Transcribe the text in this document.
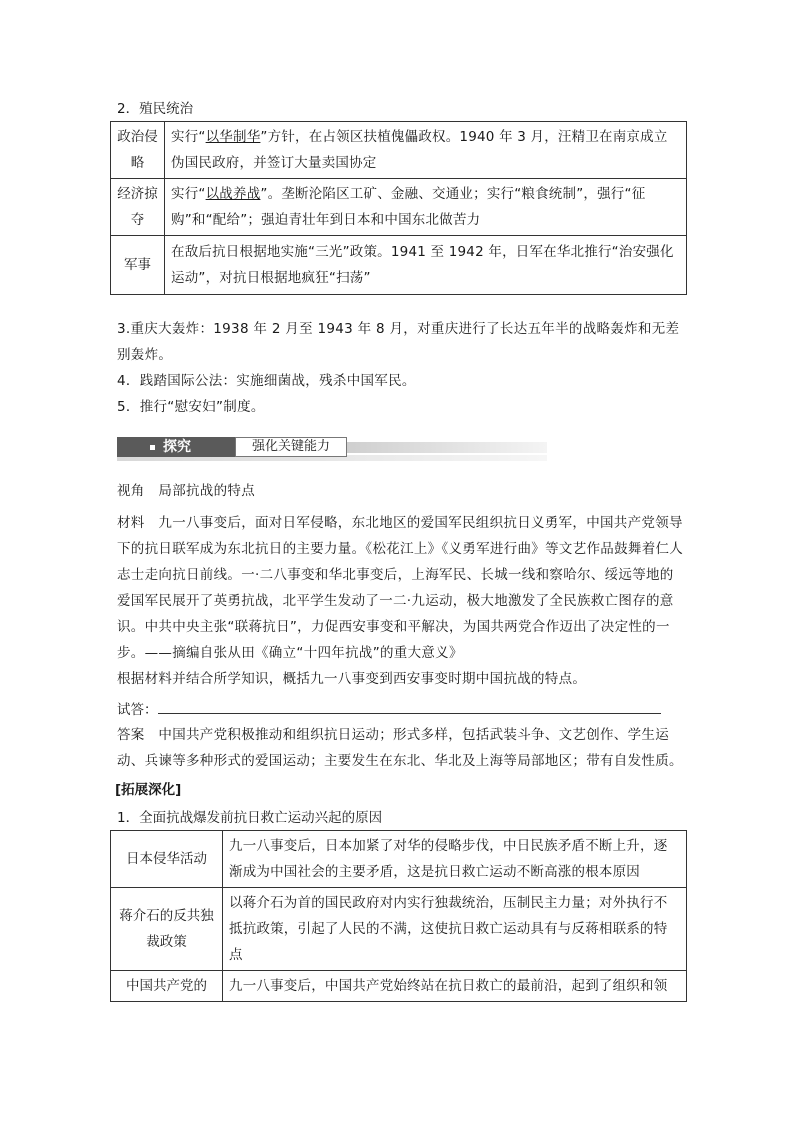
2．殖民统治
政治侵略	实行“以华制华”方针，在占领区扶植傀儡政权。1940 年 3 月，汪精卫在南京成立伪国民政府，并签订大量卖国协定
经济掠夺	实行“以战养战”。垄断沦陷区工矿、金融、交通业；实行“粮食统制”，强行“征购”和“配给”；强迫青壮年到日本和中国东北做苦力
军事	在敌后抗日根据地实施“三光”政策。1941 至 1942 年，日军在华北推行“治安强化运动”，对抗日根据地疯狂“扫荡”
3.重庆大轰炸：1938 年 2 月至 1943 年 8 月，对重庆进行了长达五年半的战略轰炸和无差别轰炸。
4．践踏国际公法：实施细菌战，残杀中国军民。
5．推行“慰安妇”制度。
探究	强化关键能力
视角　局部抗战的特点
材料　九一八事变后，面对日军侵略，东北地区的爱国军民组织抗日义勇军，中国共产党领导下的抗日联军成为东北抗日的主要力量。《松花江上》《义勇军进行曲》等文艺作品鼓舞着仁人志士走向抗日前线。一·二八事变和华北事变后，上海军民、长城一线和察哈尔、绥远等地的爱国军民展开了英勇抗战，北平学生发动了一二·九运动，极大地激发了全民族救亡图存的意识。中共中央主张“联蒋抗日”，力促西安事变和平解决，为国共两党合作迈出了决定性的一步。——摘编自张从田《确立“十四年抗战”的重大意义》
根据材料并结合所学知识，概括九一八事变到西安事变时期中国抗战的特点。
试答：
答案　中国共产党积极推动和组织抗日运动；形式多样，包括武装斗争、文艺创作、学生运动、兵谏等多种形式的爱国运动；主要发生在东北、华北及上海等局部地区；带有自发性质。
[拓展深化]
1．全面抗战爆发前抗日救亡运动兴起的原因
日本侵华活动	九一八事变后，日本加紧了对华的侵略步伐，中日民族矛盾不断上升，逐渐成为中国社会的主要矛盾，这是抗日救亡运动不断高涨的根本原因
蒋介石的反共独裁政策	以蒋介石为首的国民政府对内实行独裁统治，压制民主力量；对外执行不抵抗政策，引起了人民的不满，这使抗日救亡运动具有与反蒋相联系的特点
中国共产党的	九一八事变后，中国共产党始终站在抗日救亡的最前沿，起到了组织和领
